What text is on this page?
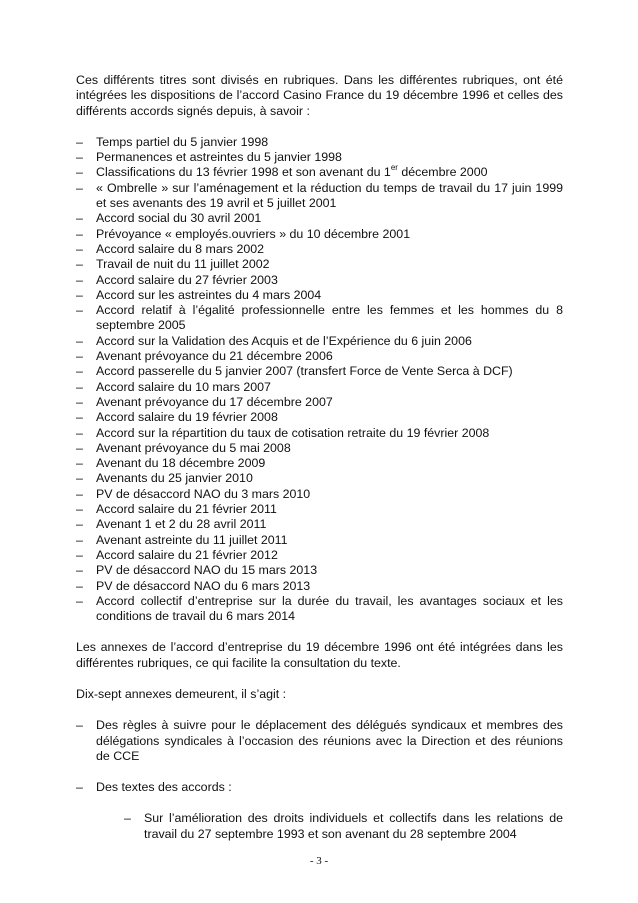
Ces différents titres sont divisés en rubriques. Dans les différentes rubriques, ont été intégrées les dispositions de l’accord Casino France du 19 décembre 1996 et celles des différents accords signés depuis, à savoir :

– Temps partiel du 5 janvier 1998
– Permanences et astreintes du 5 janvier 1998
– Classifications du 13 février 1998 et son avenant du 1er décembre 2000
– « Ombrelle » sur l’aménagement et la réduction du temps de travail du 17 juin 1999 et ses avenants des 19 avril et 5 juillet 2001
– Accord social du 30 avril 2001
– Prévoyance « employés.ouvriers » du 10 décembre 2001
– Accord salaire du 8 mars 2002
– Travail de nuit du 11 juillet 2002
– Accord salaire du 27 février 2003
– Accord sur les astreintes du 4 mars 2004
– Accord relatif à l’égalité professionnelle entre les femmes et les hommes du 8 septembre 2005
– Accord sur la Validation des Acquis et de l’Expérience du 6 juin 2006
– Avenant prévoyance du 21 décembre 2006
– Accord passerelle du 5 janvier 2007 (transfert Force de Vente Serca à DCF)
– Accord salaire du 10 mars 2007
– Avenant prévoyance du 17 décembre 2007
– Accord salaire du 19 février 2008
– Accord sur la répartition du taux de cotisation retraite du 19 février 2008
– Avenant prévoyance du 5 mai 2008
– Avenant du 18 décembre 2009
– Avenants du 25 janvier 2010
– PV de désaccord NAO du 3 mars 2010
– Accord salaire du 21 février 2011
– Avenant 1 et 2 du 28 avril 2011
– Avenant astreinte du 11 juillet 2011
– Accord salaire du 21 février 2012
– PV de désaccord NAO du 15 mars 2013
– PV de désaccord NAO du 6 mars 2013
– Accord collectif d’entreprise sur la durée du travail, les avantages sociaux et les conditions de travail du 6 mars 2014

Les annexes de l’accord d’entreprise du 19 décembre 1996 ont été intégrées dans les différentes rubriques, ce qui facilite la consultation du texte.

Dix-sept annexes demeurent, il s’agit :

– Des règles à suivre pour le déplacement des délégués syndicaux et membres des délégations syndicales à l’occasion des réunions avec la Direction et des réunions de CCE
– Des textes des accords :
– Sur l’amélioration des droits individuels et collectifs dans les relations de travail du 27 septembre 1993 et son avenant du 28 septembre 2004
- 3 -
